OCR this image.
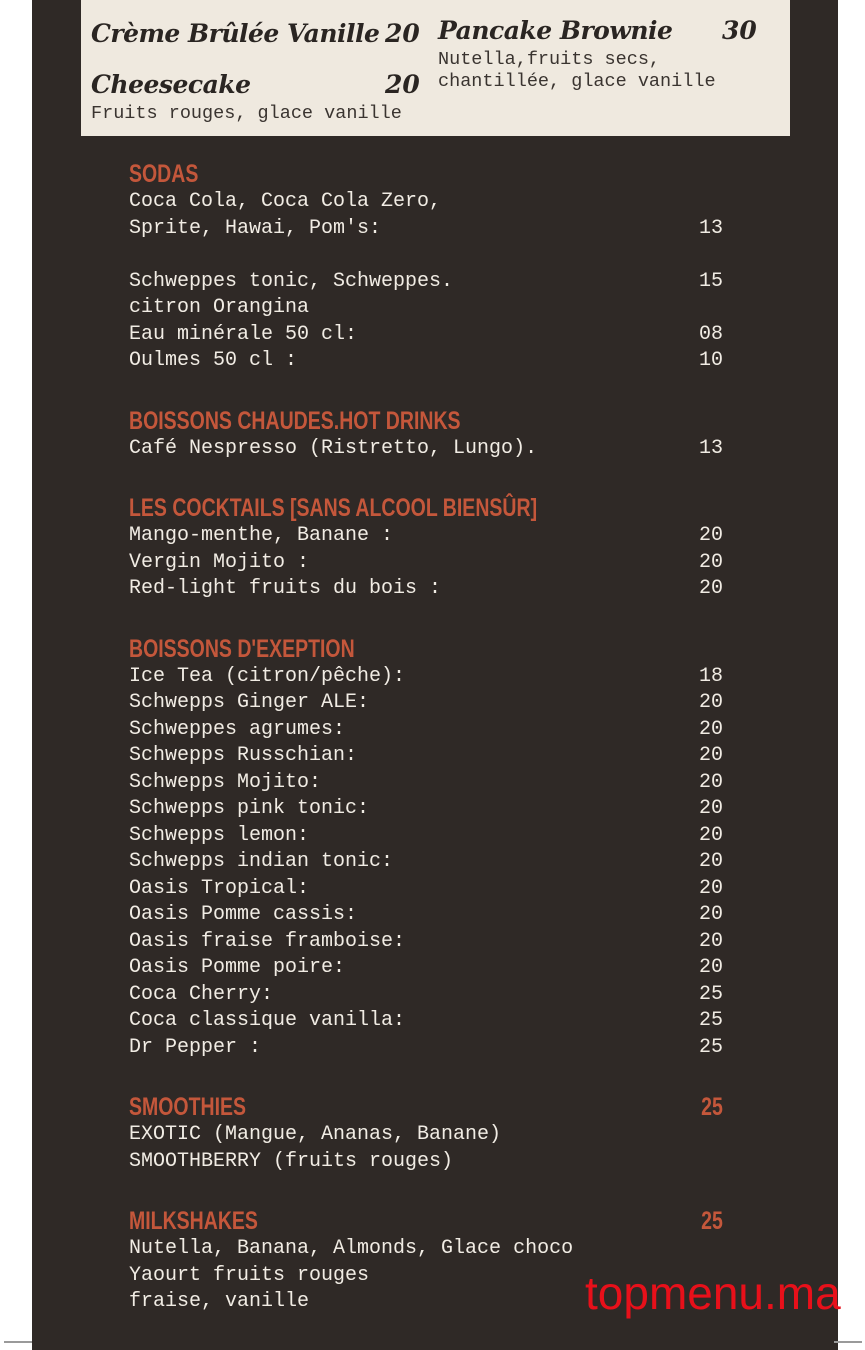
Crème Brûlée Vanille 20
Cheesecake	20
Fruits rouges, glace vanille
Pancake Brownie 30
Nutella,fruits secs,
chantillée, glace vanille
SODAS
Coca Cola, Coca Cola Zero,
Sprite, Hawai, Pom's:	13
Schweppes tonic, Schweppes.	15
citron Orangina
Eau minérale 50 cl:	08
Oulmes 50 cl :	10
BOISSONS CHAUDES.HOT DRINKS
Café Nespresso (Ristretto, Lungo).	13
LES COCKTAILS [SANS ALCOOL BIENSÛR]
Mango-menthe, Banane :	20
Vergin Mojito :	20
Red-light fruits du bois :	20
BOISSONS D'EXEPTION
Ice Tea (citron/pêche):	18
Schwepps Ginger ALE:	20
Schweppes agrumes:	20
Schwepps Russchian:	20
Schwepps Mojito:	20
Schwepps pink tonic:	20
Schwepps lemon:	20
Schwepps indian tonic:	20
Oasis Tropical:	20
Oasis Pomme cassis:	20
Oasis fraise framboise:	20
Oasis Pomme poire:	20
Coca Cherry:	25
Coca classique vanilla:	25
Dr Pepper :	25
SMOOTHIES	25
EXOTIC (Mangue, Ananas, Banane)
SMOOTHBERRY (fruits rouges)
MILKSHAKES	25
Nutella, Banana, Almonds, Glace choco
Yaourt fruits rouges
fraise, vanille	topmenu.ma
